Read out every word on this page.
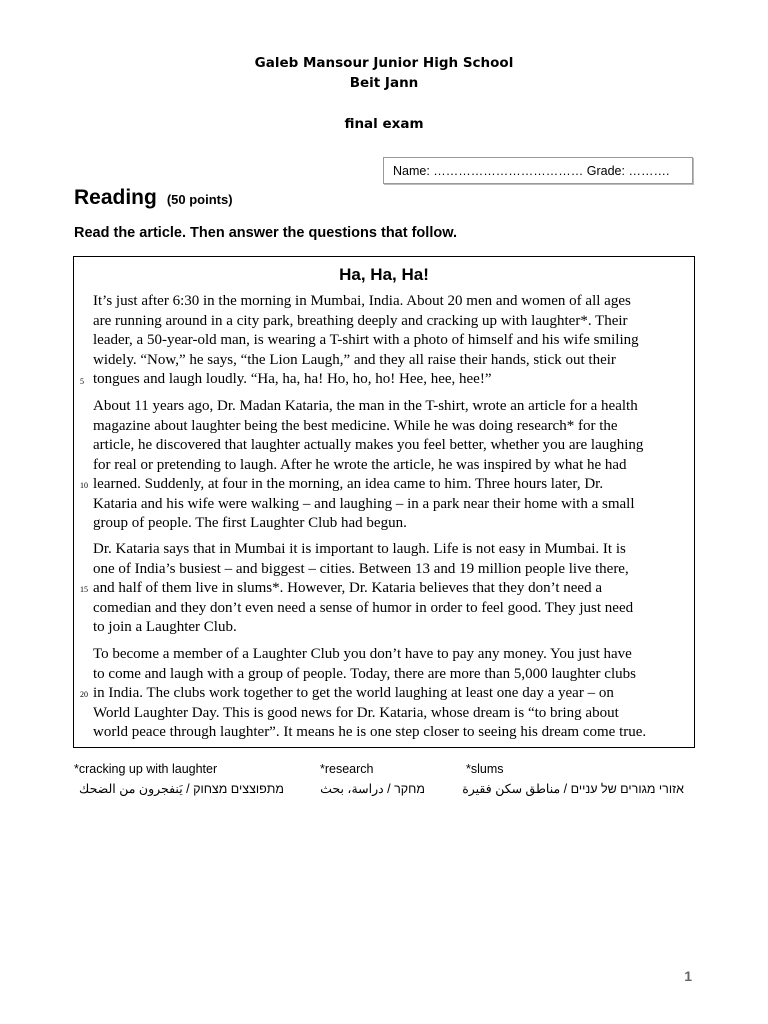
Galeb Mansour Junior High School
Beit Jann
final exam
Name: ……………………………… Grade: ……….
Reading (50 points)
Read the article. Then answer the questions that follow.
Ha, Ha, Ha!
It’s just after 6:30 in the morning in Mumbai, India. About 20 men and women of all ages
are running around in a city park, breathing deeply and cracking up with laughter*. Their
leader, a 50-year-old man, is wearing a T-shirt with a photo of himself and his wife smiling
widely. “Now,” he says, “the Lion Laugh,” and they all raise their hands, stick out their
tongues and laugh loudly. “Ha, ha, ha! Ho, ho, ho! Hee, hee, hee!”
5
About 11 years ago, Dr. Madan Kataria, the man in the T-shirt, wrote an article for a health
magazine about laughter being the best medicine. While he was doing research* for the
article, he discovered that laughter actually makes you feel better, whether you are laughing
for real or pretending to laugh. After he wrote the article, he was inspired by what he had
learned. Suddenly, at four in the morning, an idea came to him. Three hours later, Dr.
10
Kataria and his wife were walking – and laughing – in a park near their home with a small
group of people. The first Laughter Club had begun.
Dr. Kataria says that in Mumbai it is important to laugh. Life is not easy in Mumbai. It is
one of India’s busiest – and biggest – cities. Between 13 and 19 million people live there,
and half of them live in slums*. However, Dr. Kataria believes that they don’t need a
15
comedian and they don’t even need a sense of humor in order to feel good. They just need
to join a Laughter Club.
To become a member of a Laughter Club you don’t have to pay any money. You just have
to come and laugh with a group of people. Today, there are more than 5,000 laughter clubs
in India. The clubs work together to get the world laughing at least one day a year – on
20
World Laughter Day. This is good news for Dr. Kataria, whose dream is “to bring about
world peace through laughter”. It means he is one step closer to seeing his dream come true.
*cracking up with laughter	*research	*slums
מתפוצצים מצחוק / يَنفجرون من الضحك	מחקר / دراسة، بحث	אזורי מגורים של עניים / مناطق سكن فقيرة
1
